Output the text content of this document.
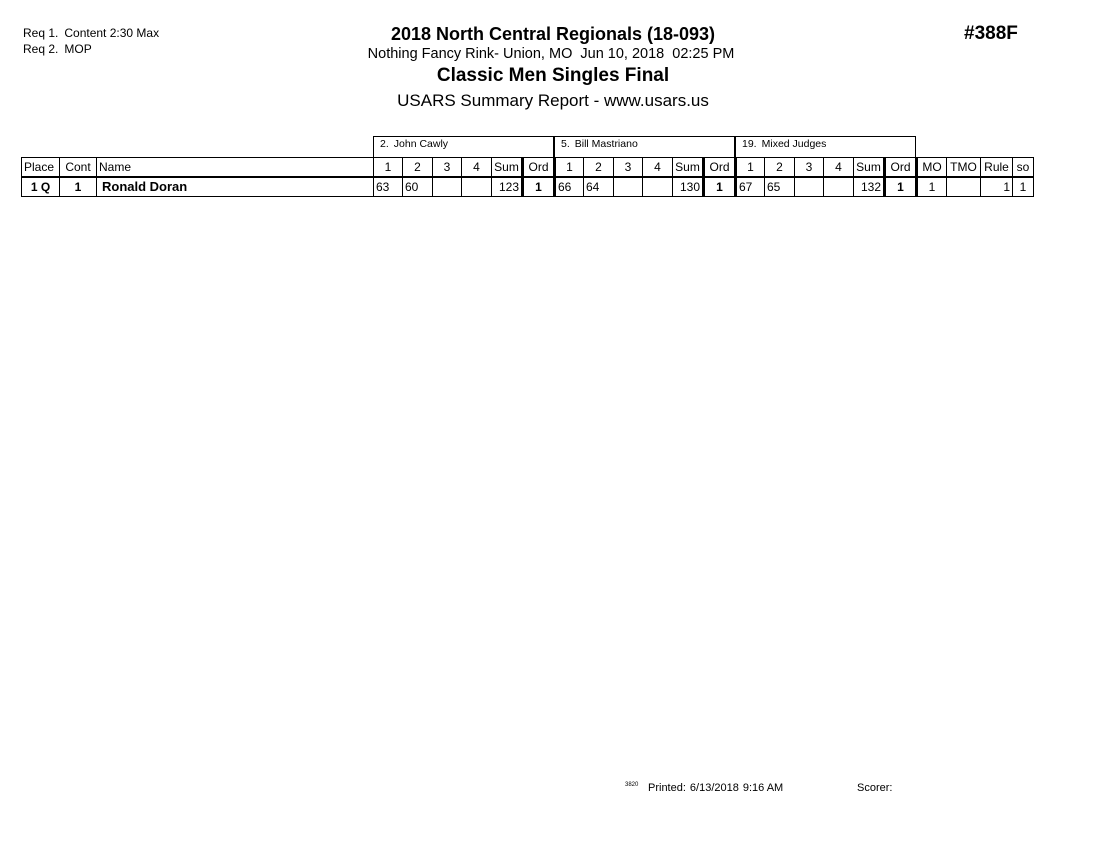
Req 1. Content 2:30 Max
Req 2. MOP
#388F
2018 North Central Regionals (18-093)
Nothing Fancy Rink- Union, MO Jun 10, 2018 02:25 PM
Classic Men Singles Final
USARS Summary Report - www.usars.us
2. John Cawly	5. Bill Mastriano	19. Mixed Judges
Place	Cont	Name	1	2	3	4	Sum	Ord	1	2	3	4	Sum	Ord	1	2	3	4	Sum	Ord	MO	TMO	Rule	so
1 Q	1	Ronald Doran	63	60			123	1	66	64			130	1	67	65			132	1	1		1	1
3820 Printed: 6/13/2018 9:16 AM	Scorer:
